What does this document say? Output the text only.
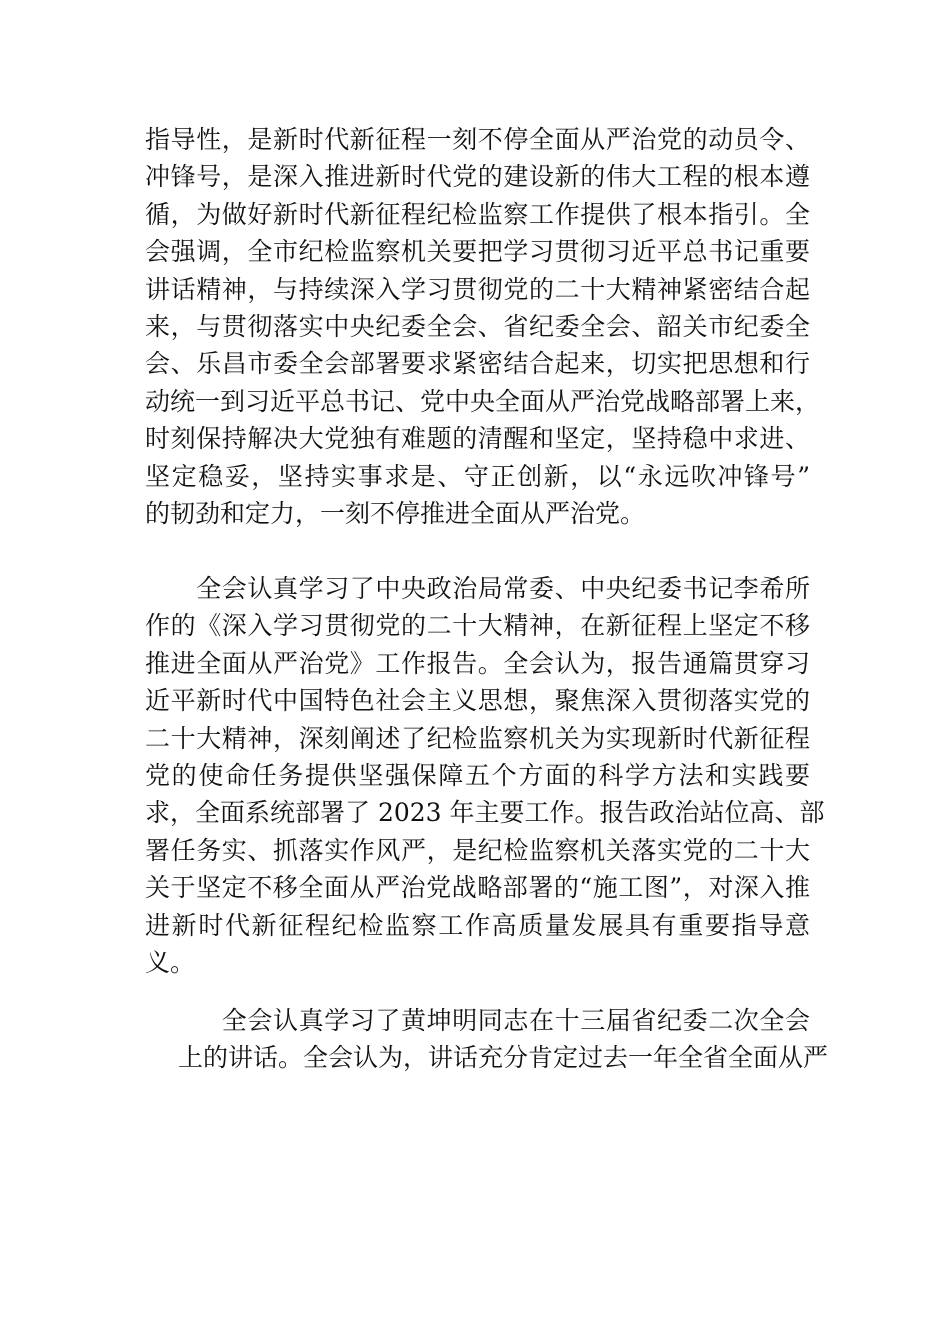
指导性，是新时代新征程一刻不停全面从严治党的动员令、
冲锋号，是深入推进新时代党的建设新的伟大工程的根本遵
循，为做好新时代新征程纪检监察工作提供了根本指引。全
会强调，全市纪检监察机关要把学习贯彻习近平总书记重要
讲话精神，与持续深入学习贯彻党的二十大精神紧密结合起
来，与贯彻落实中央纪委全会、省纪委全会、韶关市纪委全
会、乐昌市委全会部署要求紧密结合起来，切实把思想和行
动统一到习近平总书记、党中央全面从严治党战略部署上来，
时刻保持解决大党独有难题的清醒和坚定，坚持稳中求进、
坚定稳妥，坚持实事求是、守正创新，以“永远吹冲锋号”
的韧劲和定力，一刻不停推进全面从严治党。
　　全会认真学习了中央政治局常委、中央纪委书记李希所
作的《深入学习贯彻党的二十大精神，在新征程上坚定不移
推进全面从严治党》工作报告。全会认为，报告通篇贯穿习
近平新时代中国特色社会主义思想，聚焦深入贯彻落实党的
二十大精神，深刻阐述了纪检监察机关为实现新时代新征程
党的使命任务提供坚强保障五个方面的科学方法和实践要
求，全面系统部署了 2023 年主要工作。报告政治站位高、部
署任务实、抓落实作风严，是纪检监察机关落实党的二十大
关于坚定不移全面从严治党战略部署的“施工图”，对深入推
进新时代新征程纪检监察工作高质量发展具有重要指导意
义。
　　　全会认真学习了黄坤明同志在十三届省纪委二次全会
上的讲话。全会认为，讲话充分肯定过去一年全省全面从严
